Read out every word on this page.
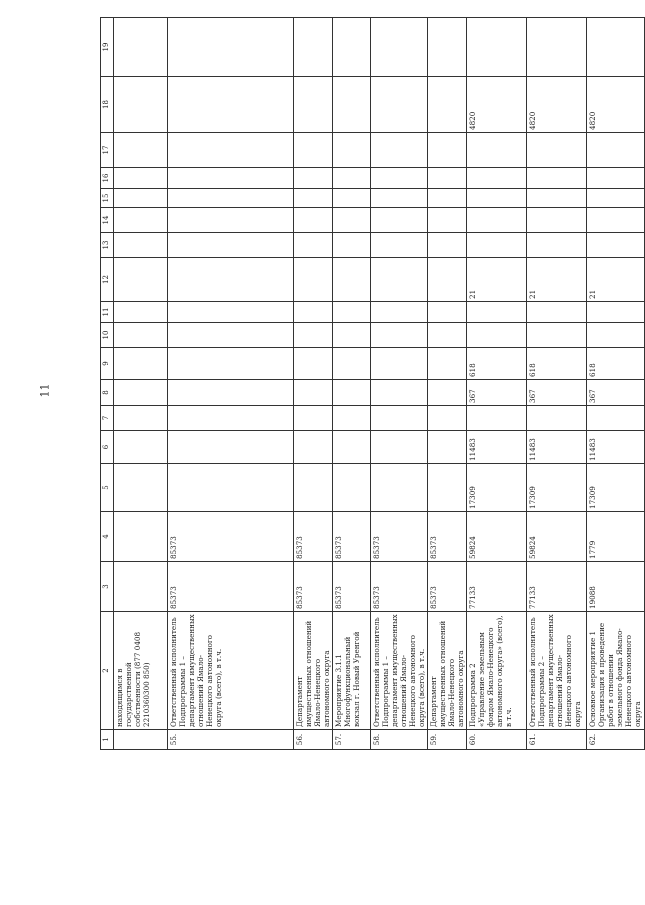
11
1	2	3	4	5	6	7	8	9	10	11	12	13	14	15	16	17	18	19
	находящимся в государственной собственности (877 0408 2210360300 850)																	
55.	Ответственный исполнитель Подпрограммы 1 – департамент имущественных отношений Ямало-Ненецкого автономного округа (всего), в т.ч.	85373	85373															
56.	Департамент имущественных отношений Ямало-Ненецкого автономного округа	85373	85373															
57.	Мероприятие 3.1.1 Многофункциональный вокзал г. Новый Уренгой	85373	85373															
58.	Ответственный исполнитель Подпрограммы 1 – департамент имущественных отношений Ямало-Ненецкого автономного округа (всего), в т.ч.	85373	85373															
59.	Департамент имущественных отношений Ямало-Ненецкого автономного округа	85373	85373															
60.	Подпрограмма 2 «Управление земельным фондом Ямало-Ненецкого автономного округа» (всего), в т.ч.	77133	59824	17309	11483		367	618			21						4820	
61.	Ответственный исполнитель Подпрограммы 2 – департамент имущественных отношений Ямало-Ненецкого автономного округа	77133	59824	17309	11483		367	618			21						4820	
62.	Основное мероприятие 1 Организация и проведение работ в отношении земельного фонда Ямало-Ненецкого автономного округа	19088	1779	17309	11483		367	618			21						4820	
